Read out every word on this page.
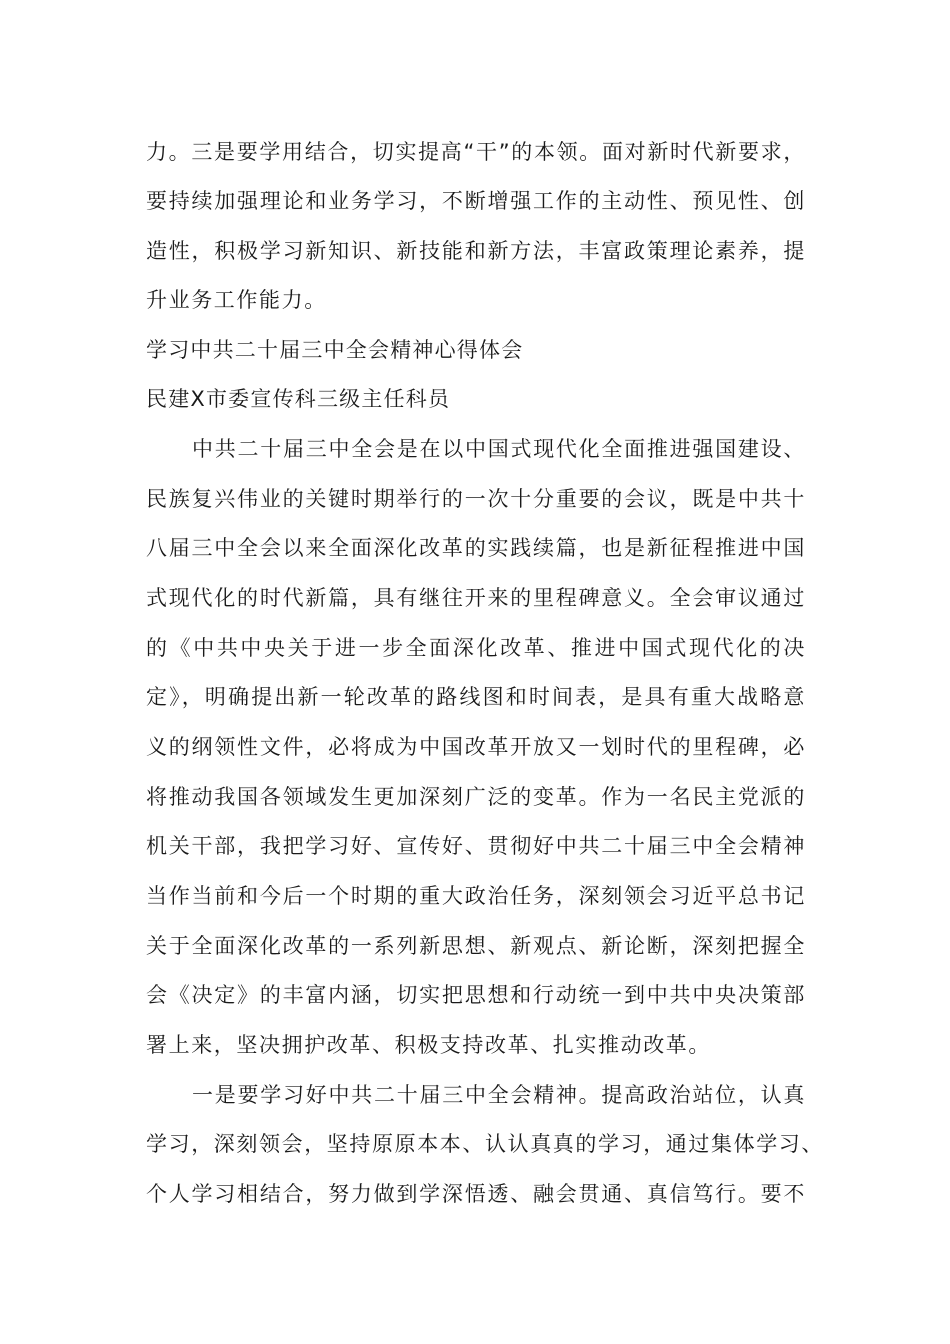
力。三是要学用结合，切实提高“干”的本领。面对新时代新要求，
要持续加强理论和业务学习，不断增强工作的主动性、预见性、创
造性，积极学习新知识、新技能和新方法，丰富政策理论素养，提
升业务工作能力。
学习中共二十届三中全会精神心得体会
民建X市委宣传科三级主任科员
中共二十届三中全会是在以中国式现代化全面推进强国建设、
民族复兴伟业的关键时期举行的一次十分重要的会议，既是中共十
八届三中全会以来全面深化改革的实践续篇，也是新征程推进中国
式现代化的时代新篇，具有继往开来的里程碑意义。全会审议通过
的《中共中央关于进一步全面深化改革、推进中国式现代化的决
定》，明确提出新一轮改革的路线图和时间表，是具有重大战略意
义的纲领性文件，必将成为中国改革开放又一划时代的里程碑，必
将推动我国各领域发生更加深刻广泛的变革。作为一名民主党派的
机关干部，我把学习好、宣传好、贯彻好中共二十届三中全会精神
当作当前和今后一个时期的重大政治任务，深刻领会习近平总书记
关于全面深化改革的一系列新思想、新观点、新论断，深刻把握全
会《决定》的丰富内涵，切实把思想和行动统一到中共中央决策部
署上来，坚决拥护改革、积极支持改革、扎实推动改革。
一是要学习好中共二十届三中全会精神。提高政治站位，认真
学习，深刻领会，坚持原原本本、认认真真的学习，通过集体学习、
个人学习相结合，努力做到学深悟透、融会贯通、真信笃行。要不
